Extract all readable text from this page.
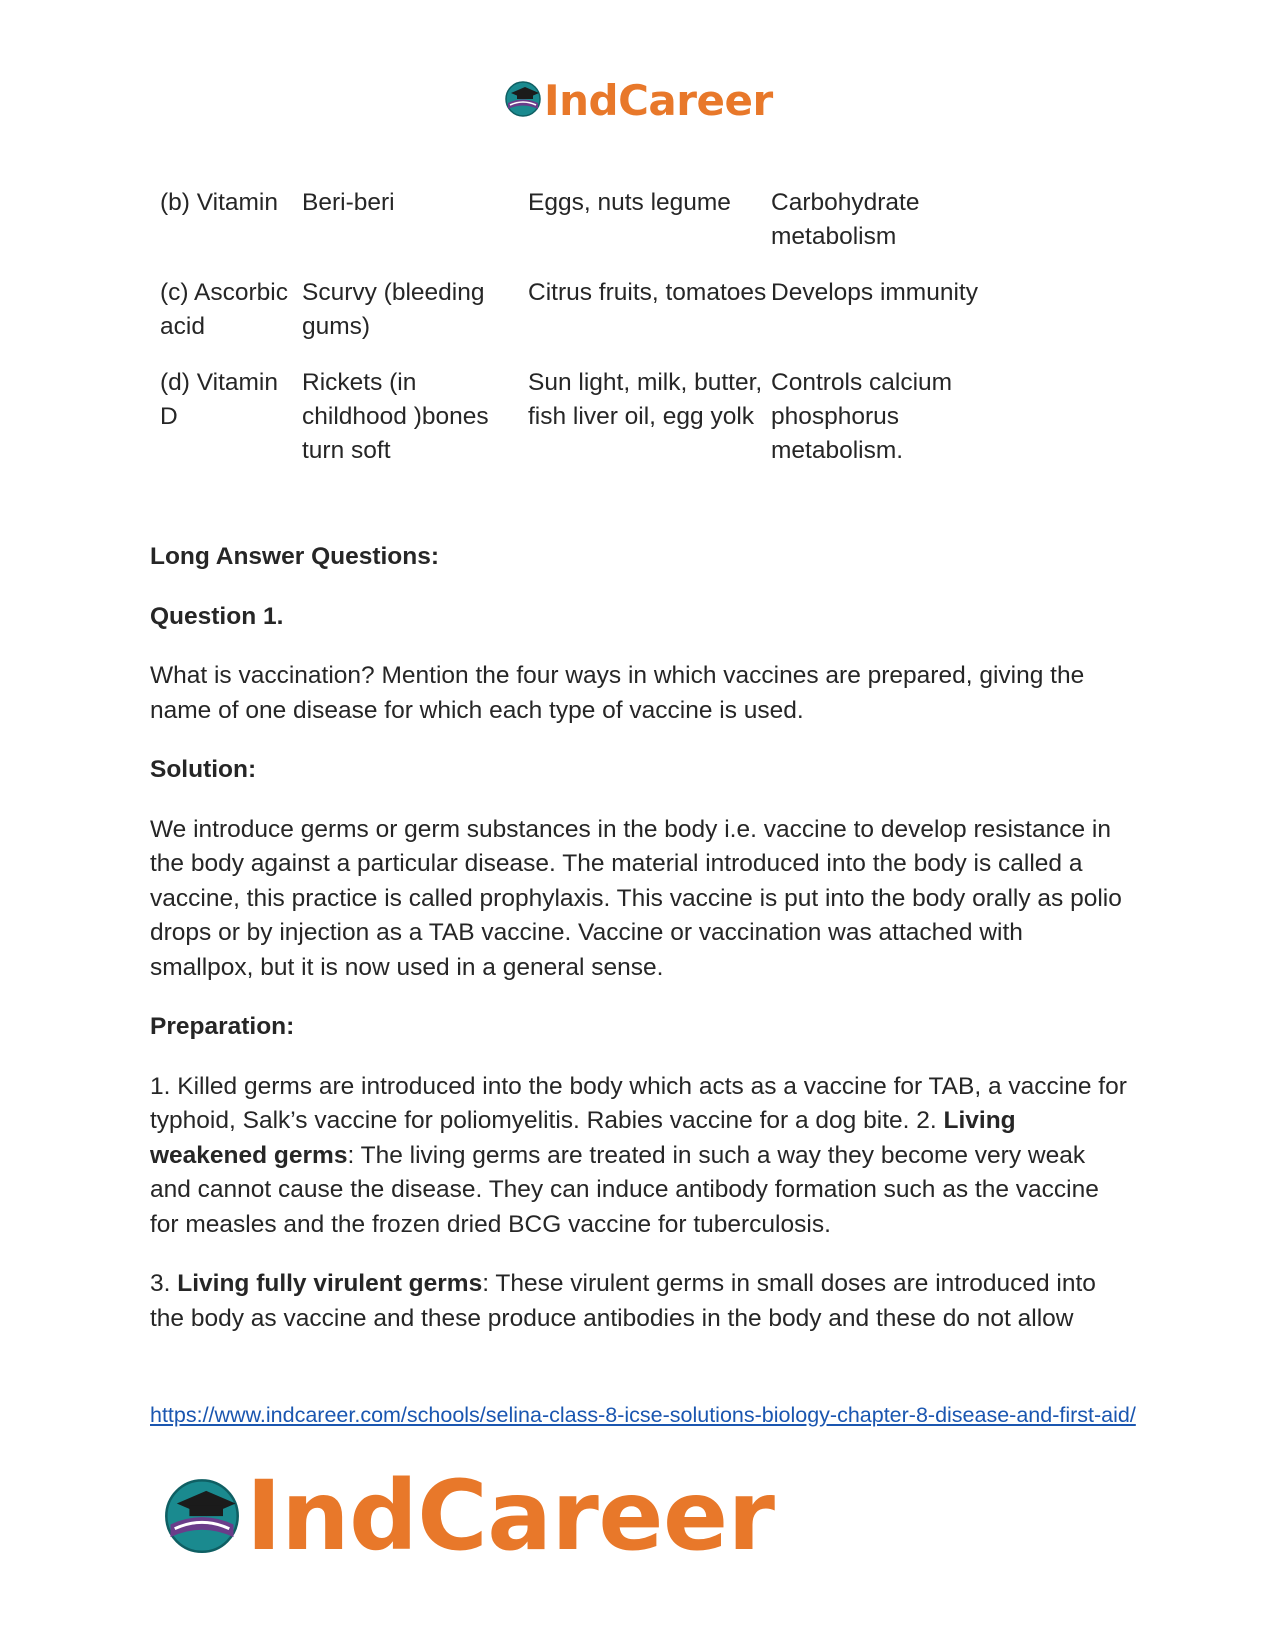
IndCareer
(b) Vitamin	Beri-beri	Eggs, nuts legume	Carbohydrate metabolism
(c) Ascorbic acid	Scurvy (bleeding gums)	Citrus fruits, tomatoes	Develops immunity
(d) Vitamin D	Rickets (in childhood )bones turn soft	Sun light, milk, butter, fish liver oil, egg yolk	Controls calcium phosphorus metabolism.

Long Answer Questions:

Question 1.

What is vaccination? Mention the four ways in which vaccines are prepared, giving the name of one disease for which each type of vaccine is used.

Solution:

We introduce germs or germ substances in the body i.e. vaccine to develop resistance in the body against a particular disease. The material introduced into the body is called a vaccine, this practice is called prophylaxis. This vaccine is put into the body orally as polio drops or by injection as a TAB vaccine. Vaccine or vaccination was attached with smallpox, but it is now used in a general sense.

Preparation:

1. Killed germs are introduced into the body which acts as a vaccine for TAB, a vaccine for typhoid, Salk’s vaccine for poliomyelitis. Rabies vaccine for a dog bite. 2. Living weakened germs: The living germs are treated in such a way they become very weak and cannot cause the disease. They can induce antibody formation such as the vaccine for measles and the frozen dried BCG vaccine for tuberculosis.

3. Living fully virulent germs: These virulent germs in small doses are introduced into the body as vaccine and these produce antibodies in the body and these do not allow

https://www.indcareer.com/schools/selina-class-8-icse-solutions-biology-chapter-8-disease-and-first-aid/
IndCareer
